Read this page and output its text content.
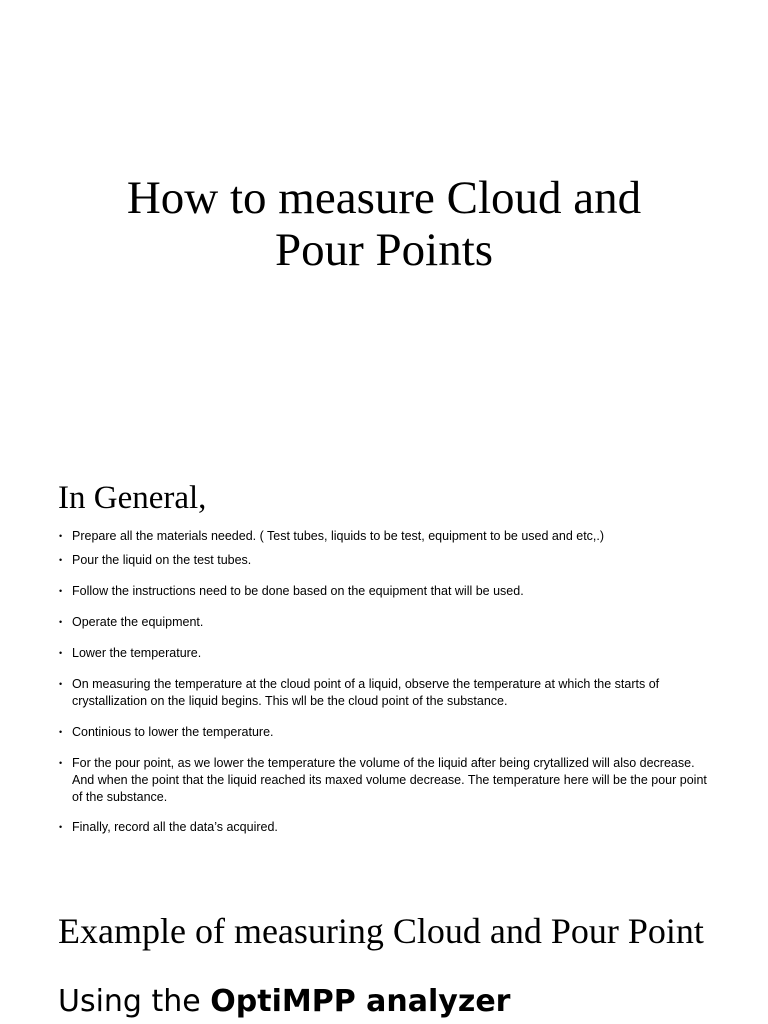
How to measure Cloud and
Pour Points
In General,
• Prepare all the materials needed. ( Test tubes, liquids to be test, equipment to be used and etc,.)
• Pour the liquid on the test tubes.
• Follow the instructions need to be done based on the equipment that will be used.
• Operate the equipment.
• Lower the temperature.
• On measuring the temperature at the cloud point of a liquid, observe the temperature at which the starts of crystallization on the liquid begins. This wll be the cloud point of the substance.
• Continious to lower the temperature.
• For the pour point, as we lower the temperature the volume of the liquid after being crytallized will also decrease. And when the point that the liquid reached its maxed volume decrease. The temperature here will be the pour point of the substance.
• Finally, record all the data’s acquired.
Example of measuring Cloud and Pour Point
Using the OptiMPP analyzer
